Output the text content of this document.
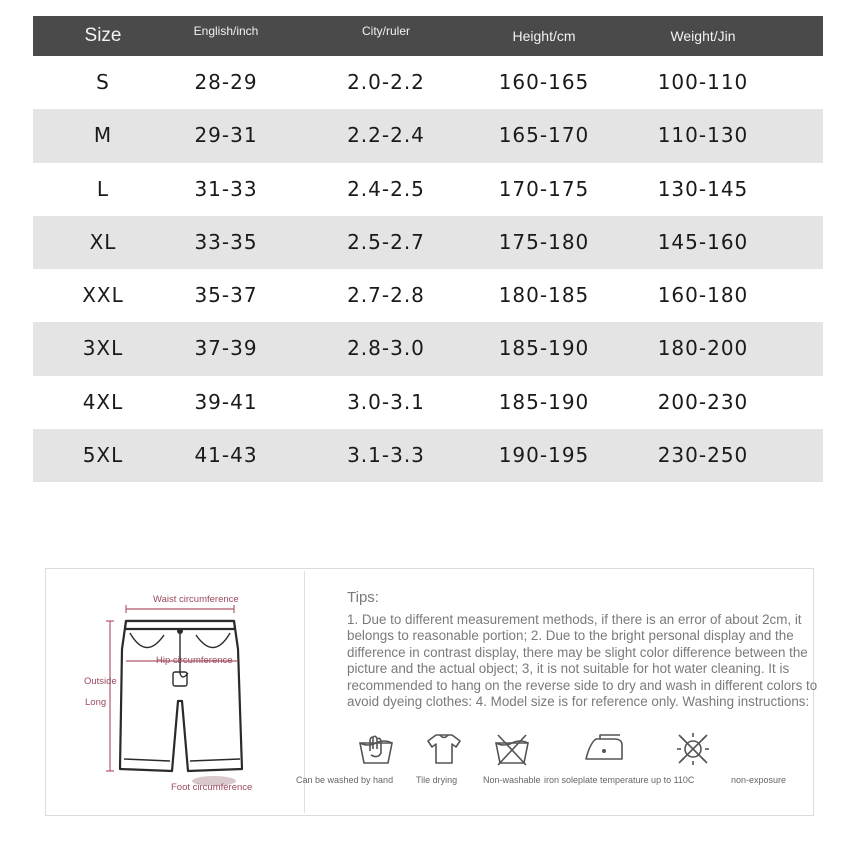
Size	English/inch	City/ruler	Height/cm	Weight/Jin
S	28-29	2.0-2.2	160-165	100-110
M	29-31	2.2-2.4	165-170	110-130
L	31-33	2.4-2.5	170-175	130-145
XL	33-35	2.5-2.7	175-180	145-160
XXL	35-37	2.7-2.8	180-185	160-180
3XL	37-39	2.8-3.0	185-190	180-200
4XL	39-41	3.0-3.1	185-190	200-230
5XL	41-43	3.1-3.3	190-195	230-250
Waist circumference
Hip circumference
Outside
Long
Foot circumference
Tips:
1. Due to different measurement methods, if there is an error of about 2cm, it belongs to reasonable portion; 2. Due to the bright personal display and the difference in contrast display, there may be slight color difference between the picture and the actual object; 3, it is not suitable for hot water cleaning. It is recommended to hang on the reverse side to dry and wash in different colors to avoid dyeing clothes: 4. Model size is for reference only. Washing instructions:
Can be washed by hand	Tile drying	Non-washable iron soleplate temperature up to 110C	non-exposure
